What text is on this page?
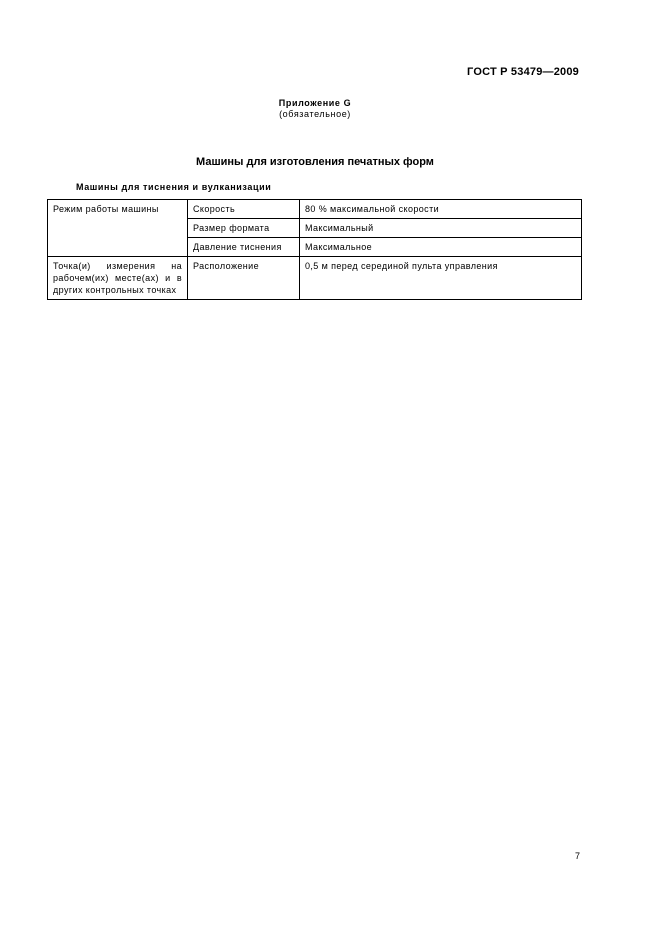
ГОСТ Р 53479—2009
Приложение G
(обязательное)
Машины для изготовления печатных форм
Машины для тиснения и вулканизации
Режим работы машины	Скорость	80 % максимальной скорости
	Размер формата	Максимальный
	Давление тиснения	Максимальное
Точка(и) измерения на рабочем(их) месте(ах) и в других контрольных точках	Расположение	0,5 м перед серединой пульта управления
7
